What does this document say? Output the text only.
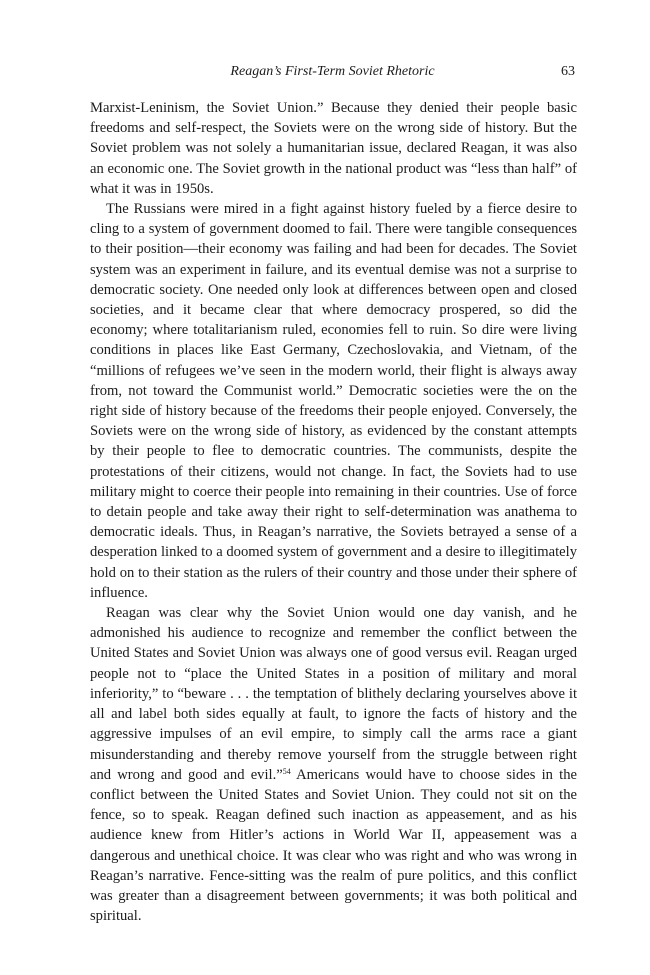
Reagan’s First-Term Soviet Rhetoric	63

Marxist-Leninism, the Soviet Union.” Because they denied their people basic freedoms and self-respect, the Soviets were on the wrong side of history. But the Soviet problem was not solely a humanitarian issue, declared Reagan, it was also an economic one. The Soviet growth in the national product was “less than half” of what it was in 1950s.

The Russians were mired in a fight against history fueled by a fierce desire to cling to a system of government doomed to fail. There were tangible consequences to their position—their economy was failing and had been for decades. The Soviet system was an experiment in failure, and its eventual demise was not a surprise to democratic society. One needed only look at differences between open and closed societies, and it became clear that where democracy prospered, so did the economy; where totalitarianism ruled, economies fell to ruin. So dire were living conditions in places like East Germany, Czechoslovakia, and Vietnam, of the “millions of refugees we’ve seen in the modern world, their flight is always away from, not toward the Communist world.” Democratic societies were the on the right side of history because of the freedoms their people enjoyed. Conversely, the Soviets were on the wrong side of history, as evidenced by the constant attempts by their people to flee to democratic countries. The communists, despite the protestations of their citizens, would not change. In fact, the Soviets had to use military might to coerce their people into remaining in their countries. Use of force to detain people and take away their right to self-determination was anathema to democratic ideals. Thus, in Reagan’s narrative, the Soviets betrayed a sense of a desperation linked to a doomed system of government and a desire to illegitimately hold on to their station as the rulers of their country and those under their sphere of influence.

Reagan was clear why the Soviet Union would one day vanish, and he admonished his audience to recognize and remember the conflict between the United States and Soviet Union was always one of good versus evil. Reagan urged people not to “place the United States in a position of military and moral inferiority,” to “beware . . . the temptation of blithely declaring yourselves above it all and label both sides equally at fault, to ignore the facts of history and the aggressive impulses of an evil empire, to simply call the arms race a giant misunderstanding and thereby remove yourself from the struggle between right and wrong and good and evil.”$^{54}$ Americans would have to choose sides in the conflict between the United States and Soviet Union. They could not sit on the fence, so to speak. Reagan defined such inaction as appeasement, and as his audience knew from Hitler’s actions in World War II, appeasement was a dangerous and unethical choice. It was clear who was right and who was wrong in Reagan’s narrative. Fence-sitting was the realm of pure politics, and this conflict was greater than a disagreement between governments; it was both political and spiritual.
